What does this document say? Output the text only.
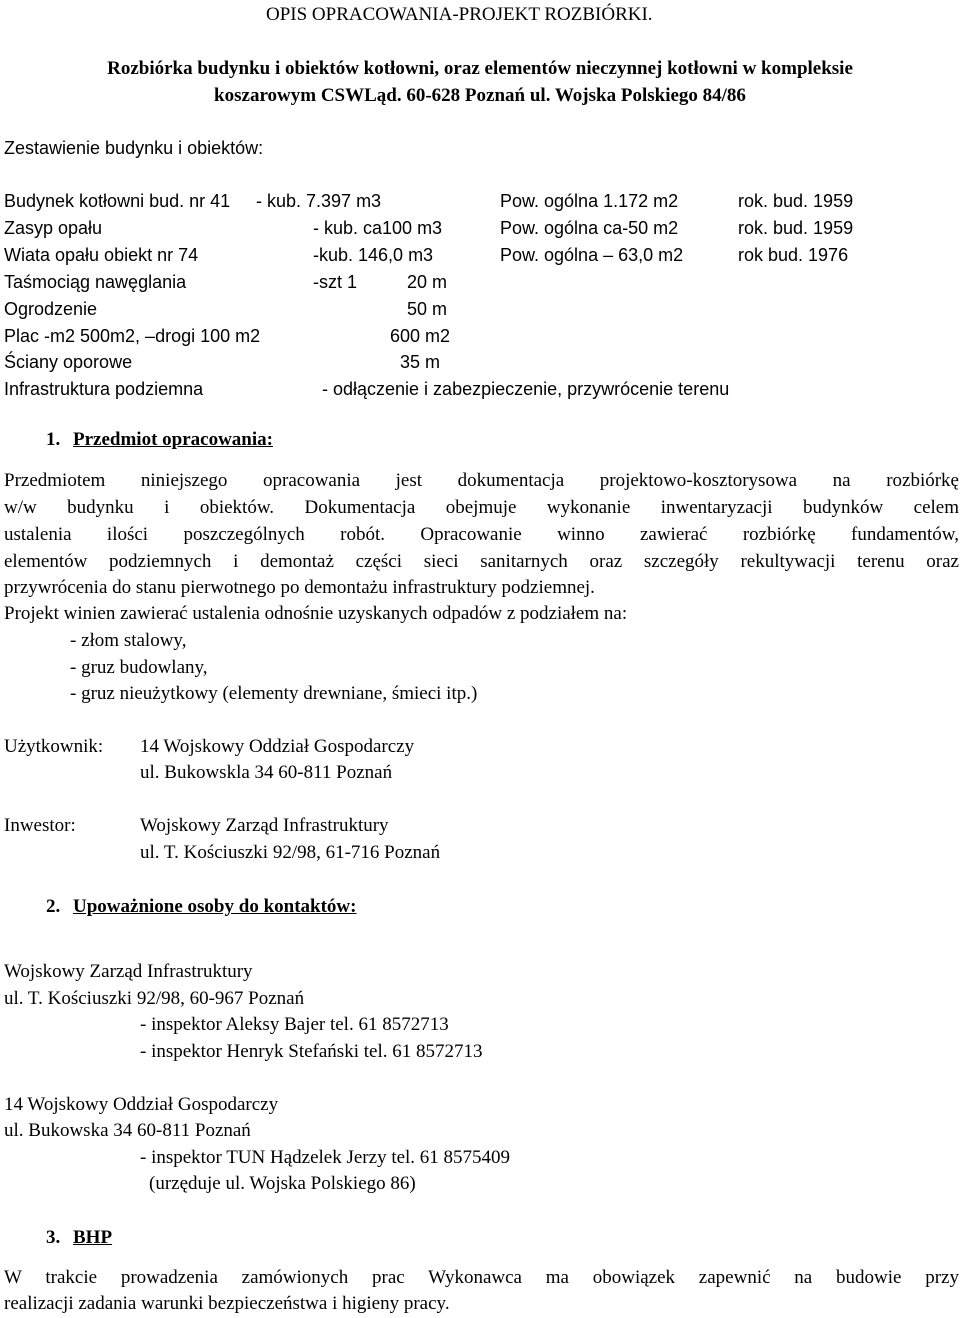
OPIS OPRACOWANIA-PROJEKT ROZBIÓRKI.
Rozbiórka budynku i obiektów kotłowni, oraz elementów nieczynnej kotłowni w kompleksie
koszarowym CSWLąd. 60-628 Poznań ul. Wojska Polskiego 84/86
Zestawienie budynku i obiektów:
Budynek kotłowni bud. nr 41 - kub. 7.397 m3	Pow. ogólna 1.172 m2	rok. bud. 1959
Zasyp opału	- kub. ca100 m3	Pow. ogólna ca-50 m2	rok. bud. 1959
Wiata opału obiekt nr 74	-kub. 146,0 m3	Pow. ogólna – 63,0 m2	rok bud. 1976
Taśmociąg nawęglania	-szt 1	20 m
Ogrodzenie	50 m
Plac -m2 500m2, –drogi 100 m2	600 m2
Ściany oporowe	35 m
Infrastruktura podziemna	- odłączenie i zabezpieczenie, przywrócenie terenu
1. Przedmiot opracowania:
Przedmiotem niniejszego opracowania jest dokumentacja projektowo-kosztorysowa na rozbiórkę
w/w budynku i obiektów. Dokumentacja obejmuje wykonanie inwentaryzacji budynków celem
ustalenia ilości poszczególnych robót. Opracowanie winno zawierać rozbiórkę fundamentów,
elementów podziemnych i demontaż części sieci sanitarnych oraz szczegóły rekultywacji terenu oraz
przywrócenia do stanu pierwotnego po demontażu infrastruktury podziemnej.
Projekt winien zawierać ustalenia odnośnie uzyskanych odpadów z podziałem na:
- złom stalowy,
- gruz budowlany,
- gruz nieużytkowy (elementy drewniane, śmieci itp.)
Użytkownik: 14 Wojskowy Oddział Gospodarczy
ul. Bukowskla 34 60-811 Poznań
Inwestor:	Wojskowy Zarząd Infrastruktury
ul. T. Kościuszki 92/98, 61-716 Poznań
2. Upoważnione osoby do kontaktów:
Wojskowy Zarząd Infrastruktury
ul. T. Kościuszki 92/98, 60-967 Poznań
- inspektor Aleksy Bajer tel. 61 8572713
- inspektor Henryk Stefański tel. 61 8572713
14 Wojskowy Oddział Gospodarczy
ul. Bukowska 34 60-811 Poznań
- inspektor TUN Hądzelek Jerzy tel. 61 8575409
(urzęduje ul. Wojska Polskiego 86)
3. BHP
W trakcie prowadzenia zamówionych prac Wykonawca ma obowiązek zapewnić na budowie przy
realizacji zadania warunki bezpieczeństwa i higieny pracy.
